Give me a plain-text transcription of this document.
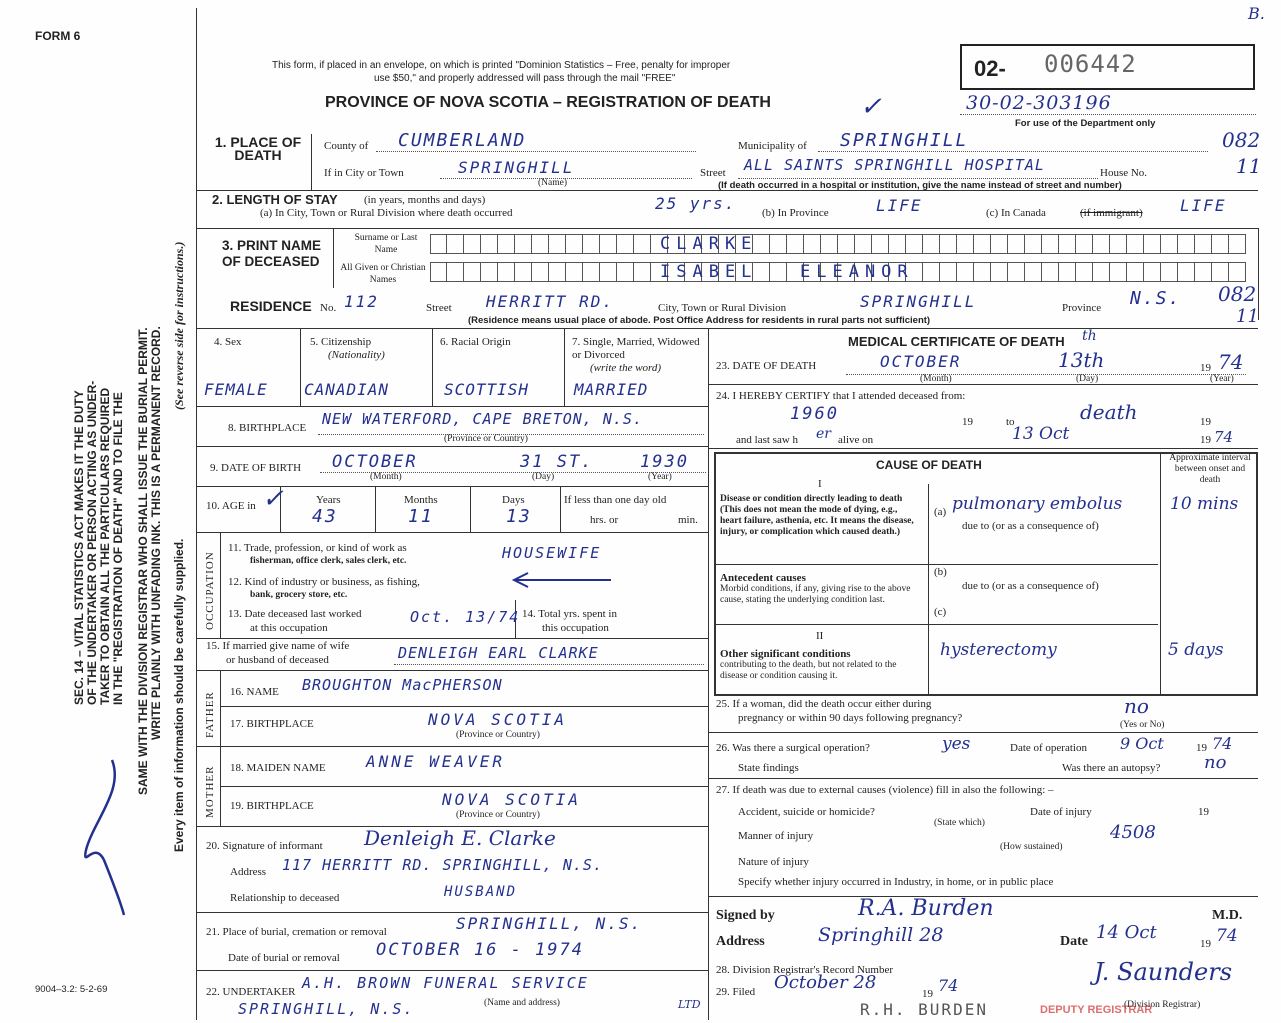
FORM 6
B.
This form, if placed in an envelope, on which is printed "Dominion Statistics – Free, penalty for improper
use $50," and properly addressed will pass through the mail "FREE"
PROVINCE OF NOVA SCOTIA – REGISTRATION OF DEATH	✓
02- 006442
30-02-303196
For use of the Department only
SEC. 14 – VITAL STATISTICS ACT MAKES IT THE DUTY OF THE UNDERTAKER OR PERSON ACTING AS UNDER- TAKER TO OBTAIN ALL THE PARTICULARS REQUIRED IN THE "REGISTRATION OF DEATH" AND TO FILE THE SAME WITH THE DIVISION REGISTRAR WHO SHALL ISSUE THE BURIAL PERMIT. WRITE PLAINLY WITH UNFADING INK. THIS IS A PERMANENT RECORD.
(See reverse side for instructions.)
Every item of information should be carefully supplied.
9004–3.2: 5-2-69
1. PLACE OF DEATH
County of CUMBERLAND	Municipality of SPRINGHILL	082
If in City or Town	SPRINGHILL
(Name)
Street ALL SAINTS SPRINGHILL HOSPITAL	House No.	11
(If death occurred in a hospital or institution, give the name instead of street and number)
2. LENGTH OF STAY (in years, months and days)
(a) In City, Town or Rural Division where death occurred	25 yrs. (b) In Province	LIFE	(c) In Canada	(if immigrant) LIFE
3. PRINT NAME OF DECEASED
Surname or Last Name
All Given or Christian Names
CLARKE
ISABEL	ELEANOR
RESIDENCE No. 112	Street HERRITT RD.	City, Town or Rural Division	SPRINGHILL	Province N.S. 082
11
(Residence means usual place of abode. Post Office Address for residents in rural parts not sufficient)
4. Sex	5. Citizenship
(Nationality)
6. Racial Origin	7. Single, Married, Widowed or Divorced
(write the word)
FEMALE CANADIAN	SCOTTISH	MARRIED
8. BIRTHPLACE NEW WATERFORD, CAPE BRETON, N.S.
(Province or Country)
9. DATE OF BIRTH OCTOBER	31 ST.	1930
(Month)	(Day)	(Year)
10. AGE in ✓	Years	Months	Days	If less than one day old
43	11	13	hrs. or	min.
OCCUPATION
11. Trade, profession, or kind of work as
fisherman, office clerk, sales clerk, etc.	HOUSEWIFE
12. Kind of industry or business, as fishing,
bank, grocery store, etc.
13. Date deceased last worked
at this occupation
Oct. 13/74 14. Total yrs. spent in
this occupation
15. If married give name of wife
or husband of deceased	DENLEIGH EARL CLARKE
FATHER 16. NAME BROUGHTON MacPHERSON
17. BIRTHPLACE	NOVA SCOTIA
(Province or Country)
MOTHER 18. MAIDEN NAME	ANNE WEAVER
19. BIRTHPLACE	NOVA SCOTIA
(Province or Country)
20. Signature of informant Denleigh E. Clarke
Address 117 HERRITT RD. SPRINGHILL, N.S.
Relationship to deceased	HUSBAND
21. Place of burial, cremation or removal	SPRINGHILL, N.S.
Date of burial or removal OCTOBER 16 - 1974
22. UNDERTAKER A.H. BROWN FUNERAL SERVICE
LTD
SPRINGHILL, N.S.	(Name and address)
MEDICAL CERTIFICATE OF DEATH th
23. DATE OF DEATH	OCTOBER	13th	19 74
(Month)	(Day)	(Year)
24. I HEREBY CERTIFY that I attended deceased from:
1960	19	to	death	19
and last saw h er alive on	13 Oct	19 74
CAUSE OF DEATH	Approximate interval between onset and death
I
Disease or condition directly leading to death (This does not mean the mode of dying, e.g., heart failure, asthenia, etc. It means the disease, injury, or complication which caused death.)
(a) pulmonary embolus	10 mins
due to (or as a consequence of)
Antecedent causes
Morbid conditions, if any, giving rise to the above cause, stating the underlying condition last.
(b)
due to (or as a consequence of)
(c)
II
Other significant conditions
contributing to the death, but not related to the disease or condition causing it.
hysterectomy	5 days
25. If a woman, did the death occur either during
pregnancy or within 90 days following pregnancy?	no
(Yes or No)
26. Was there a surgical operation?	yes	Date of operation 9 Oct	19 74
State findings	Was there an autopsy? no
27. If death was due to external causes (violence) fill in also the following: –
Accident, suicide or homicide?	Date of injury	19
(State which)
Manner of injury	4508
(How sustained)
Nature of injury
Specify whether injury occurred in Industry, in home, or in public place
Signed by	R.A. Burden	M.D.
Address	Springhill 28	Date 14 Oct
19 74
28. Division Registrar's Record Number
29. Filed October 28
19 74	J. Saunders
(Division Registrar)
R.H. BURDEN	DEPUTY REGISTRAR
